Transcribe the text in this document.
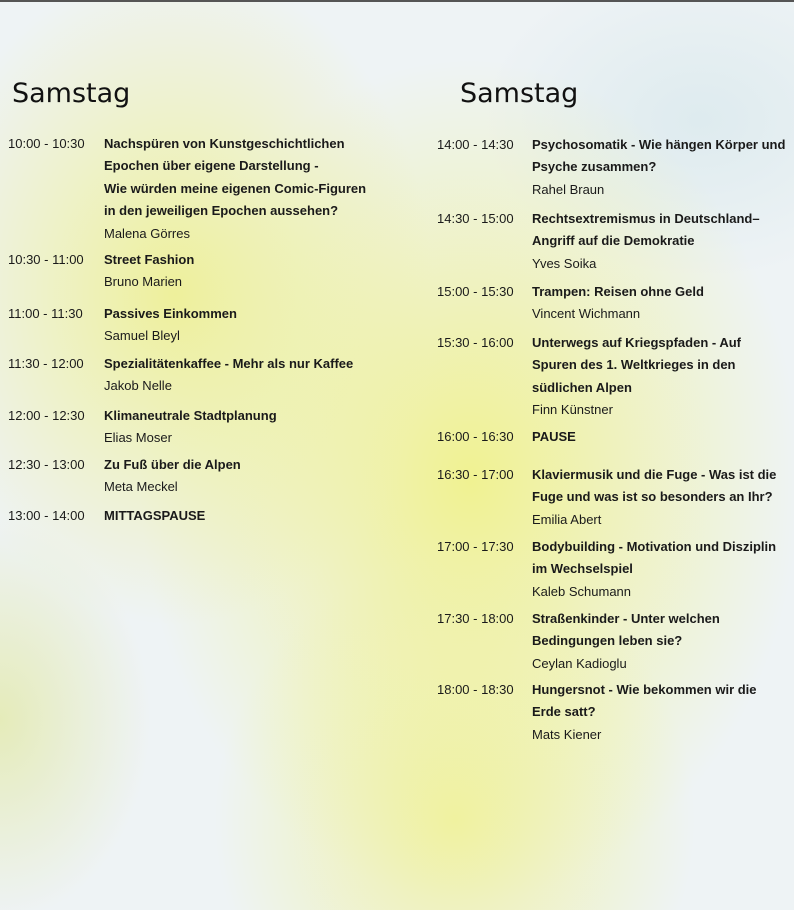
Samstag
10:00 - 10:30 Nachspüren von Kunstgeschichtlichen
Epochen über eigene Darstellung -
Wie würden meine eigenen Comic-Figuren
in den jeweiligen Epochen aussehen?
Malena Görres
10:30 - 11:00 Street Fashion
Bruno Marien
11:00 - 11:30 Passives Einkommen
Samuel Bleyl
11:30 - 12:00 Spezialitätenkaffee - Mehr als nur Kaffee
Jakob Nelle
12:00 - 12:30 Klimaneutrale Stadtplanung
Elias Moser
12:30 - 13:00 Zu Fuß über die Alpen
Meta Meckel
13:00 - 14:00 MITTAGSPAUSE
Samstag
14:00 - 14:30 Psychosomatik - Wie hängen Körper und
Psyche zusammen?
Rahel Braun
14:30 - 15:00 Rechtsextremismus in Deutschland–
Angriff auf die Demokratie
Yves Soika
15:00 - 15:30 Trampen: Reisen ohne Geld
Vincent Wichmann
15:30 - 16:00 Unterwegs auf Kriegspfaden - Auf
Spuren des 1. Weltkrieges in den
südlichen Alpen
Finn Künstner
16:00 - 16:30 PAUSE
16:30 - 17:00 Klaviermusik und die Fuge - Was ist die
Fuge und was ist so besonders an Ihr?
Emilia Abert
17:00 - 17:30 Bodybuilding - Motivation und Disziplin
im Wechselspiel
Kaleb Schumann
17:30 - 18:00 Straßenkinder - Unter welchen
Bedingungen leben sie?
Ceylan Kadioglu
18:00 - 18:30 Hungersnot - Wie bekommen wir die
Erde satt?
Mats Kiener
